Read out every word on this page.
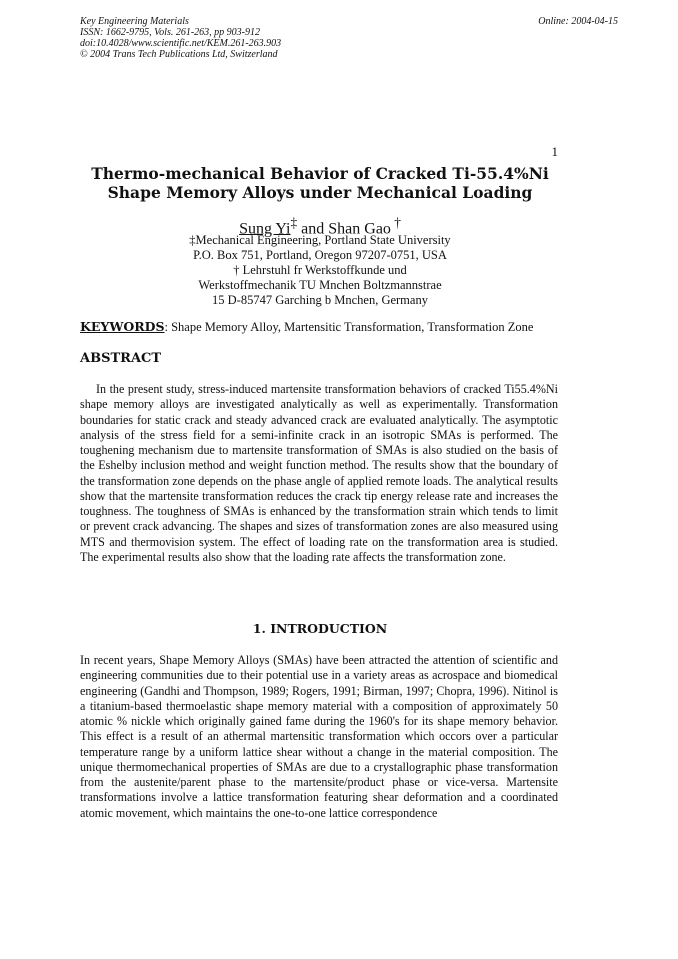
Key Engineering Materials
ISSN: 1662-9795, Vols. 261-263, pp 903-912
doi:10.4028/www.scientific.net/KEM.261-263.903
© 2004 Trans Tech Publications Ltd, Switzerland
Online: 2004-04-15
1
Thermo-mechanical Behavior of Cracked Ti-55.4%Ni
Shape Memory Alloys under Mechanical Loading
Sung Yi‡ and Shan Gao †
‡Mechanical Engineering, Portland State University
P.O. Box 751, Portland, Oregon 97207-0751, USA
† Lehrstuhl fr Werkstoffkunde und
Werkstoffmechanik TU Mnchen Boltzmannstrae
15 D-85747 Garching b Mnchen, Germany
KEYWORDS: Shape Memory Alloy, Martensitic Transformation, Transformation Zone
ABSTRACT
In the present study, stress-induced martensite transformation behaviors of cracked Ti55.4%Ni shape memory alloys are investigated analytically as well as experimentally. Transformation boundaries for static crack and steady advanced crack are evaluated analytically. The asymptotic analysis of the stress field for a semi-infinite crack in an isotropic SMAs is performed. The toughening mechanism due to martensite transformation of SMAs is also studied on the basis of the Eshelby inclusion method and weight function method. The results show that the boundary of the transformation zone depends on the phase angle of applied remote loads. The analytical results show that the martensite transformation reduces the crack tip energy release rate and increases the toughness. The toughness of SMAs is enhanced by the transformation strain which tends to limit or prevent crack advancing. The shapes and sizes of transformation zones are also measured using MTS and thermovision system. The effect of loading rate on the transformation area is studied. The experimental results also show that the loading rate affects the transformation zone.
1. INTRODUCTION
In recent years, Shape Memory Alloys (SMAs) have been attracted the attention of scientific and engineering communities due to their potential use in a variety areas as acrospace and biomedical engineering (Gandhi and Thompson, 1989; Rogers, 1991; Birman, 1997; Chopra, 1996). Nitinol is a titanium-based thermoelastic shape memory material with a composition of approximately 50 atomic % nickle which originally gained fame during the 1960's for its shape memory behavior. This effect is a result of an athermal martensitic transformation which occors over a particular temperature range by a uniform lattice shear without a change in the material composition. The unique thermomechanical properties of SMAs are due to a crystallographic phase transformation from the austenite/parent phase to the martensite/product phase or vice-versa. Martensite transformations involve a lattice transformation featuring shear deformation and a coordinated atomic movement, which maintains the one-to-one lattice correspondence
